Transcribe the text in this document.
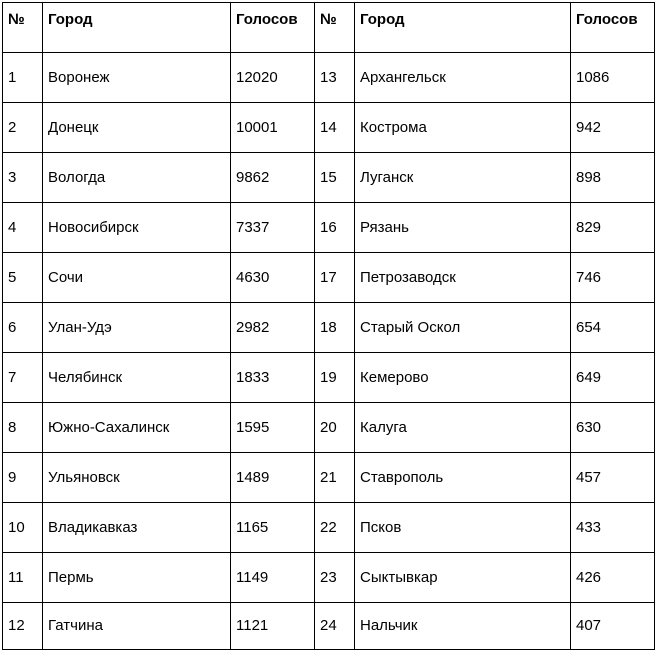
№	Город	Голосов	№	Город	Голосов
1	Воронеж	12020	13	Архангельск	1086
2	Донецк	10001	14	Кострома	942
3	Вологда	9862	15	Луганск	898
4	Новосибирск	7337	16	Рязань	829
5	Сочи	4630	17	Петрозаводск	746
6	Улан-Удэ	2982	18	Старый Оскол	654
7	Челябинск	1833	19	Кемерово	649
8	Южно-Сахалинск	1595	20	Калуга	630
9	Ульяновск	1489	21	Ставрополь	457
10	Владикавказ	1165	22	Псков	433
11	Пермь	1149	23	Сыктывкар	426
12	Гатчина	1121	24	Нальчик	407
